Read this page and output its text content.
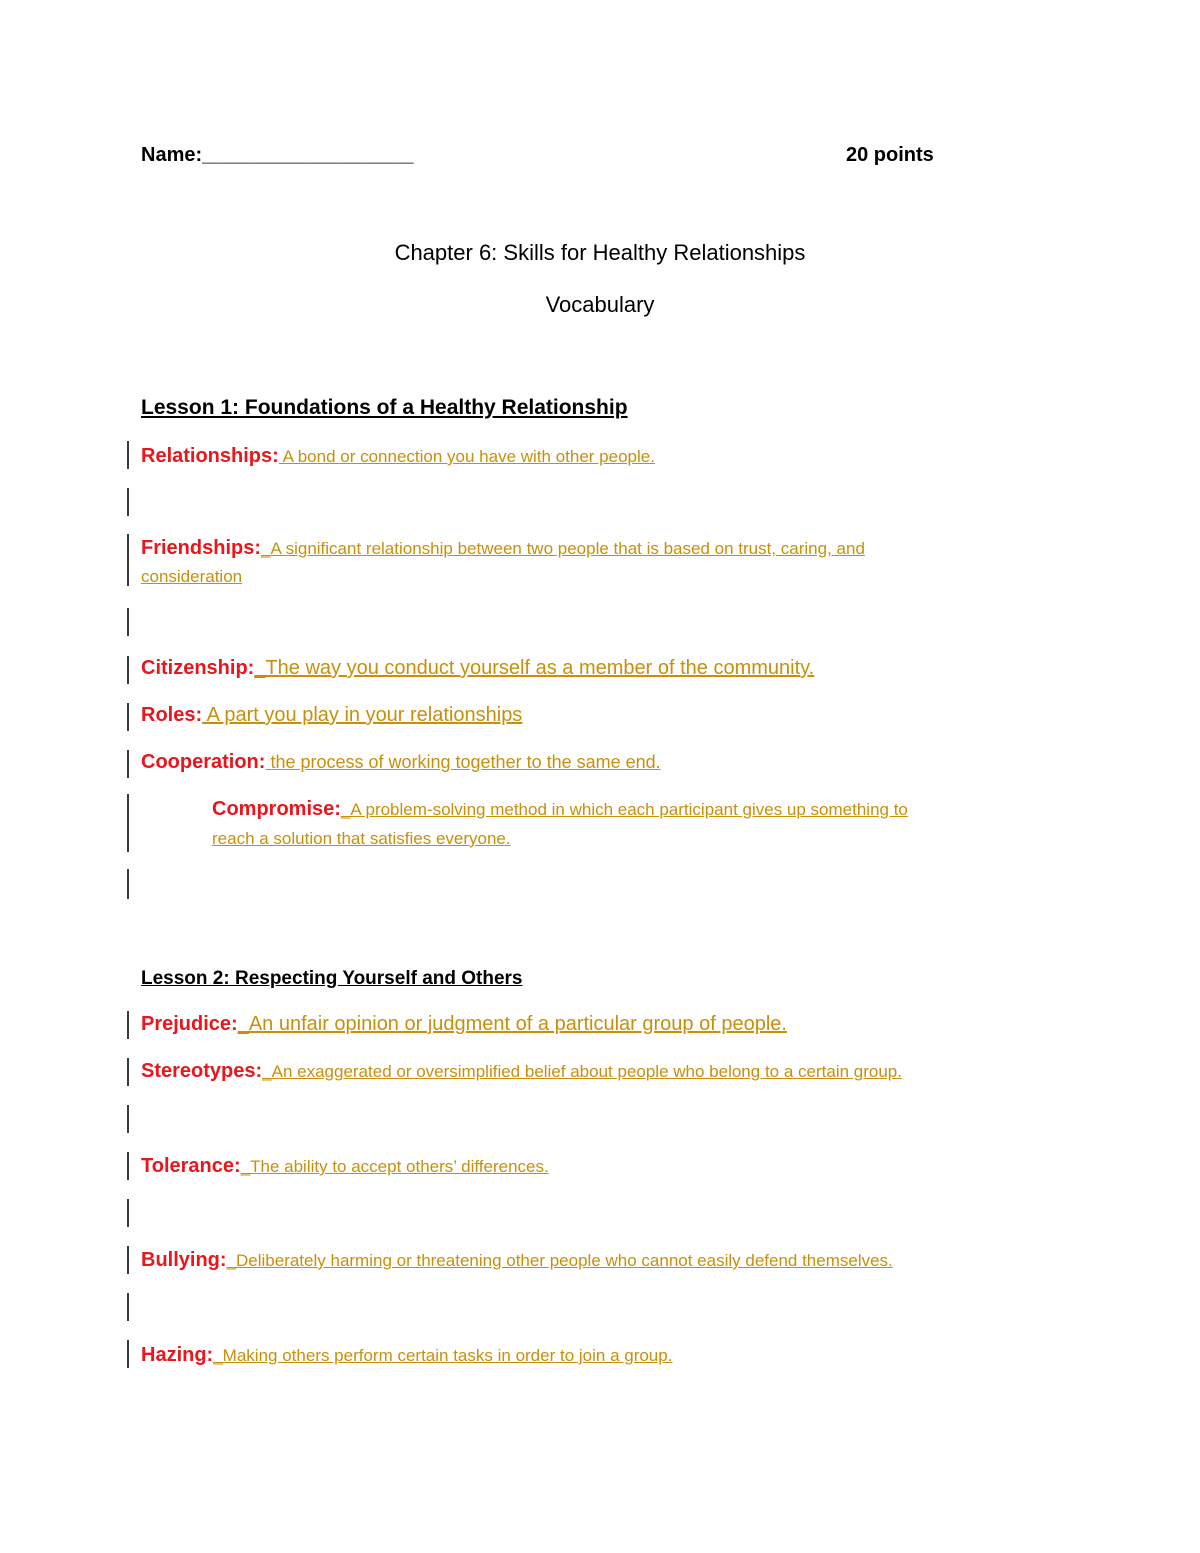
Name:___________________	20 points
Chapter 6: Skills for Healthy Relationships
Vocabulary
Lesson 1: Foundations of a Healthy Relationship
Relationships: A bond or connection you have with other people.
Friendships:_A significant relationship between two people that is based on trust, caring, and
consideration
Citizenship:_The way you conduct yourself as a member of the community.
Roles: A part you play in your relationships
Cooperation: the process of working together to the same end.
Compromise:_A problem-solving method in which each participant gives up something to
reach a solution that satisfies everyone.
Lesson 2: Respecting Yourself and Others
Prejudice:_An unfair opinion or judgment of a particular group of people.
Stereotypes:_An exaggerated or oversimplified belief about people who belong to a certain group.
Tolerance:_The ability to accept others’ differences.
Bullying:_Deliberately harming or threatening other people who cannot easily defend themselves.
Hazing:_Making others perform certain tasks in order to join a group.
